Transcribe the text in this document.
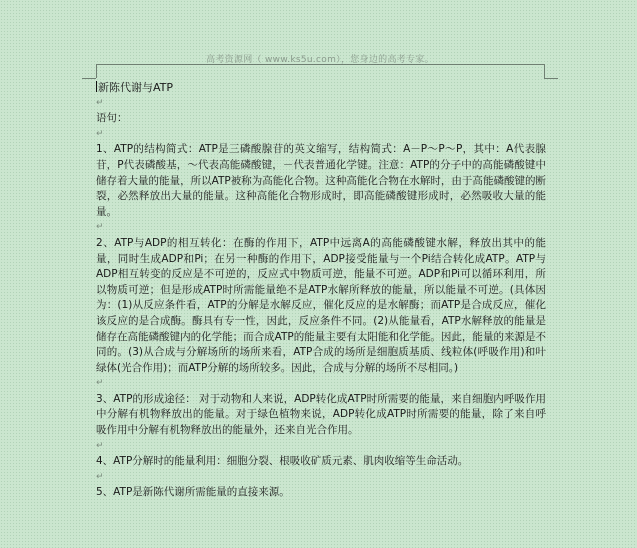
高考资源网（ www.ks5u.com），您身边的高考专家。

新陈代谢与ATP

↵

语句：

↵

1、ATP的结构简式：ATP是三磷酸腺苷的英文缩写，结构简式：A－P～P～P，其中：A代表腺苷，P代表磷酸基，～代表高能磷酸键，－代表普通化学键。注意：ATP的分子中的高能磷酸键中储存着大量的能量，所以ATP被称为高能化合物。这种高能化合物在水解时，由于高能磷酸键的断裂，必然释放出大量的能量。这种高能化合物形成时，即高能磷酸键形成时，必然吸收大量的能量。

↵

2、ATP与ADP的相互转化：在酶的作用下，ATP中远离A的高能磷酸键水解，释放出其中的能量，同时生成ADP和Pi；在另一种酶的作用下，ADP接受能量与一个Pi结合转化成ATP。ATP与ADP相互转变的反应是不可逆的，反应式中物质可逆，能量不可逆。ADP和Pi可以循环利用，所以物质可逆；但是形成ATP时所需能量绝不是ATP水解所释放的能量，所以能量不可逆。(具体因为：(1)从反应条件看，ATP的分解是水解反应，催化反应的是水解酶；而ATP是合成反应，催化该反应的是合成酶。酶具有专一性，因此，反应条件不同。(2)从能量看，ATP水解释放的能量是储存在高能磷酸键内的化学能；而合成ATP的能量主要有太阳能和化学能。因此，能量的来源是不同的。(3)从合成与分解场所的场所来看，ATP合成的场所是细胞质基质、线粒体(呼吸作用)和叶绿体(光合作用)；而ATP分解的场所较多。因此，合成与分解的场所不尽相同。)

↵

3、ATP的形成途径： 对于动物和人来说，ADP转化成ATP时所需要的能量，来自细胞内呼吸作用中分解有机物释放出的能量。对于绿色植物来说，ADP转化成ATP时所需要的能量，除了来自呼吸作用中分解有机物释放出的能量外，还来自光合作用。

↵

4、ATP分解时的能量利用：细胞分裂、根吸收矿质元素、肌肉收缩等生命活动。

↵

5、ATP是新陈代谢所需能量的直接来源。
